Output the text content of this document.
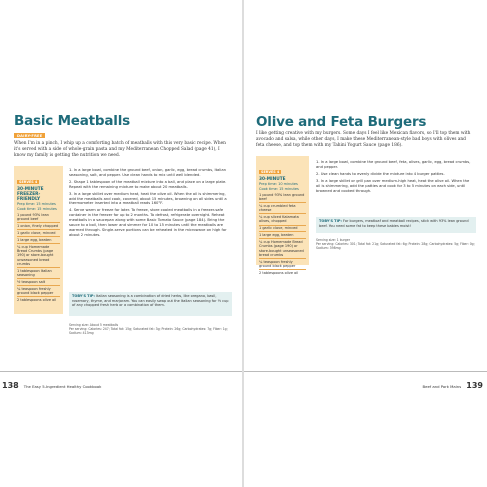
Basic Meatballs
DAIRY-FREE
When I'm in a pinch, I whip up a comforting batch of meatballs with this very basic recipe. When it's served with a side of whole-grain pasta and my Mediterranean Chopped Salad (page 41), I know my family is getting the nutrition we need.
SERVES 4
30-MINUTE FREEZER-FRIENDLY
Prep time: 15 minutes
Cook time: 15 minutes
1 pound 93% lean ground beef
1 onion, finely chopped
1 garlic clove, minced
1 large egg, beaten
¼ cup Homemade Bread Crumbs (page 190) or store-bought unseasoned bread crumbs
1 tablespoon Italian seasoning
½ teaspoon salt
¼ teaspoon freshly ground black pepper
2 tablespoons olive oil
1. In a large bowl, combine the ground beef, onion, garlic, egg, bread crumbs, Italian seasoning, salt, and pepper. Use clean hands to mix until well blended.
2. Shape 1 tablespoon of the meatball mixture into a ball, and place on a large plate. Repeat with the remaining mixture to make about 20 meatballs.
3. In a large skillet over medium heat, heat the olive oil. When the oil is shimmering, add the meatballs and cook, covered, about 15 minutes, browning on all sides until a thermometer inserted into a meatball reads 160°F.
4. Serve warm or freeze for later. To freeze, store cooled meatballs in a freezer-safe container in the freezer for up to 2 months. To defrost, refrigerate overnight. Reheat meatballs in a saucepan along with some Basic Tomato Sauce (page 184). Bring the sauce to a boil, then lower and simmer for 10 to 15 minutes until the meatballs are warmed through. Single-serve portions can be reheated in the microwave on high for about 2 minutes.
TOBY'S TIP: Italian seasoning is a combination of dried herbs, like oregano, basil, rosemary, thyme, and marjoram. You can easily swap out the Italian seasoning for ½ cup of any chopped fresh herb or a combination of them.
Serving size: About 5 meatballs
Per serving: Calories: 247; Total fat: 15g; Saturated fat: 3g; Protein: 26g; Carbohydrates: 7g; Fiber: 1g; Sodium: 413mg
138 The Easy 5-Ingredient Healthy Cookbook
Olive and Feta Burgers
I like getting creative with my burgers. Some days I feel like Mexican flavors, so I'll top them with avocado and salsa, while other days, I make these Mediterranean-style bad boys with olives and feta cheese, and top them with my Tahini Yogurt Sauce (page 186).
SERVES 4
30-MINUTE
Prep time: 10 minutes
Cook time: 15 minutes
1 pound 93% lean ground beef
¼ cup crumbled feta cheese
¼ cup sliced Kalamata olives, chopped
1 garlic clove, minced
1 large egg, beaten
¼ cup Homemade Bread Crumbs (page 190) or store-bought unseasoned bread crumbs
¼ teaspoon freshly ground black pepper
2 tablespoons olive oil
1. In a large bowl, combine the ground beef, feta, olives, garlic, egg, bread crumbs, and pepper.
2. Use clean hands to evenly divide the mixture into 4 burger patties.
3. In a large skillet or grill pan over medium-high heat, heat the olive oil. When the oil is shimmering, add the patties and cook for 3 to 5 minutes on each side, until browned and cooked through.
TOBY'S TIP: For burgers, meatloaf and meatball recipes, stick with 93% lean ground beef. You need some fat to keep these babies moist!
Serving size: 1 burger
Per serving: Calories: 301; Total fat: 21g; Saturated fat: 6g; Protein: 28g; Carbohydrates: 5g; Fiber: 0g; Sodium: 398mg
Beef and Pork Mains 139
